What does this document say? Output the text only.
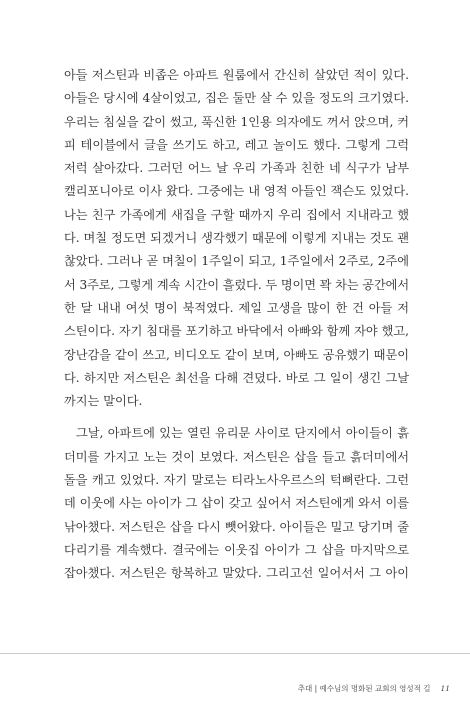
아들 저스틴과 비좁은 아파트 원룸에서 간신히 살았던 적이 있다.
아들은 당시에 4살이었고, 집은 둘만 살 수 있을 정도의 크기였다.
우리는 침실을 같이 썼고, 푹신한 1인용 의자에도 꺼서 앉으며, 커
피 테이블에서 글을 쓰기도 하고, 레고 놀이도 했다. 그렇게 그럭
저럭 살아갔다. 그러던 어느 날 우리 가족과 친한 네 식구가 남부
캘리포니아로 이사 왔다. 그중에는 내 영적 아들인 잭슨도 있었다.
나는 친구 가족에게 새집을 구할 때까지 우리 집에서 지내라고 했
다. 며칠 정도면 되겠거니 생각했기 때문에 이렇게 지내는 것도 괜
찮았다. 그러나 곧 며칠이 1주일이 되고, 1주일에서 2주로, 2주에
서 3주로, 그렇게 계속 시간이 흘렀다. 두 명이면 꽉 차는 공간에서
한 달 내내 여섯 명이 북적였다. 제일 고생을 많이 한 건 아들 저
스틴이다. 자기 침대를 포기하고 바닥에서 아빠와 함께 자야 했고,
장난감을 같이 쓰고, 비디오도 같이 보며, 아빠도 공유했기 때문이
다. 하지만 저스틴은 최선을 다해 견뎠다. 바로 그 일이 생긴 그날
까지는 말이다.
그날, 아파트에 있는 열린 유리문 사이로 단지에서 아이들이 흙
더미를 가지고 노는 것이 보였다. 저스틴은 삽을 들고 흙더미에서
돌을 캐고 있었다. 자기 말로는 티라노사우르스의 턱뼈란다. 그런
데 이웃에 사는 아이가 그 삽이 갖고 싶어서 저스틴에게 와서 이를
낚아챘다. 저스틴은 삽을 다시 뺏어왔다. 아이들은 밀고 당기며 줄
다리기를 계속했다. 결국에는 이웃집 아이가 그 삽을 마지막으로
잡아챘다. 저스틴은 항복하고 말았다. 그리고선 일어서서 그 아이
추대 | 예수님의 명화된 교회의 영성적 길 11
